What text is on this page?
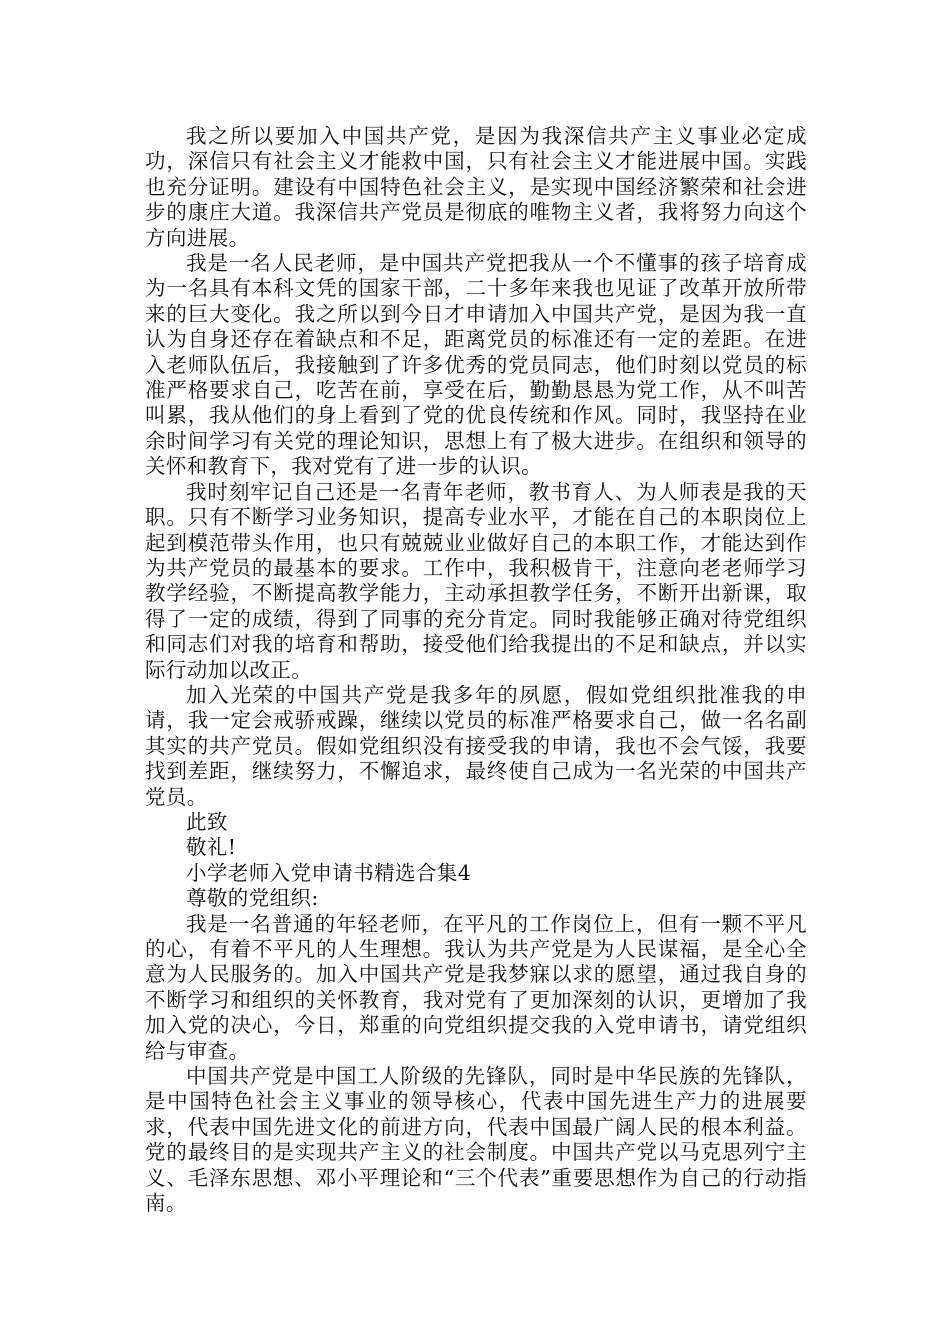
我之所以要加入中国共产党，是因为我深信共产主义事业必定成功，深信只有社会主义才能救中国，只有社会主义才能进展中国。实践也充分证明。建设有中国特色社会主义，是实现中国经济繁荣和社会进步的康庄大道。我深信共产党员是彻底的唯物主义者，我将努力向这个方向进展。

我是一名人民老师，是中国共产党把我从一个不懂事的孩子培育成为一名具有本科文凭的国家干部，二十多年来我也见证了改革开放所带来的巨大变化。我之所以到今日才申请加入中国共产党，是因为我一直认为自身还存在着缺点和不足，距离党员的标准还有一定的差距。在进入老师队伍后，我接触到了许多优秀的党员同志，他们时刻以党员的标准严格要求自己，吃苦在前，享受在后，勤勤恳恳为党工作，从不叫苦叫累，我从他们的身上看到了党的优良传统和作风。同时，我坚持在业余时间学习有关党的理论知识，思想上有了极大进步。在组织和领导的关怀和教育下，我对党有了进一步的认识。

我时刻牢记自己还是一名青年老师，教书育人、为人师表是我的天职。只有不断学习业务知识，提高专业水平，才能在自己的本职岗位上起到模范带头作用，也只有兢兢业业做好自己的本职工作，才能达到作为共产党员的最基本的要求。工作中，我积极肯干，注意向老老师学习教学经验，不断提高教学能力，主动承担教学任务，不断开出新课，取得了一定的成绩，得到了同事的充分肯定。同时我能够正确对待党组织和同志们对我的培育和帮助，接受他们给我提出的不足和缺点，并以实际行动加以改正。

加入光荣的中国共产党是我多年的夙愿，假如党组织批准我的申请，我一定会戒骄戒躁，继续以党员的标准严格要求自己，做一名名副其实的共产党员。假如党组织没有接受我的申请，我也不会气馁，我要找到差距，继续努力，不懈追求，最终使自己成为一名光荣的中国共产党员。

此致

敬礼!

小学老师入党申请书精选合集4

尊敬的党组织:

我是一名普通的年轻老师，在平凡的工作岗位上，但有一颗不平凡的心，有着不平凡的人生理想。我认为共产党是为人民谋福，是全心全意为人民服务的。加入中国共产党是我梦寐以求的愿望，通过我自身的不断学习和组织的关怀教育，我对党有了更加深刻的认识，更增加了我加入党的决心，今日，郑重的向党组织提交我的入党申请书，请党组织给与审查。

中国共产党是中国工人阶级的先锋队，同时是中华民族的先锋队，是中国特色社会主义事业的领导核心，代表中国先进生产力的进展要求，代表中国先进文化的前进方向，代表中国最广阔人民的根本利益。党的最终目的是实现共产主义的社会制度。中国共产党以马克思列宁主义、毛泽东思想、邓小平理论和“三个代表”重要思想作为自己的行动指南。
